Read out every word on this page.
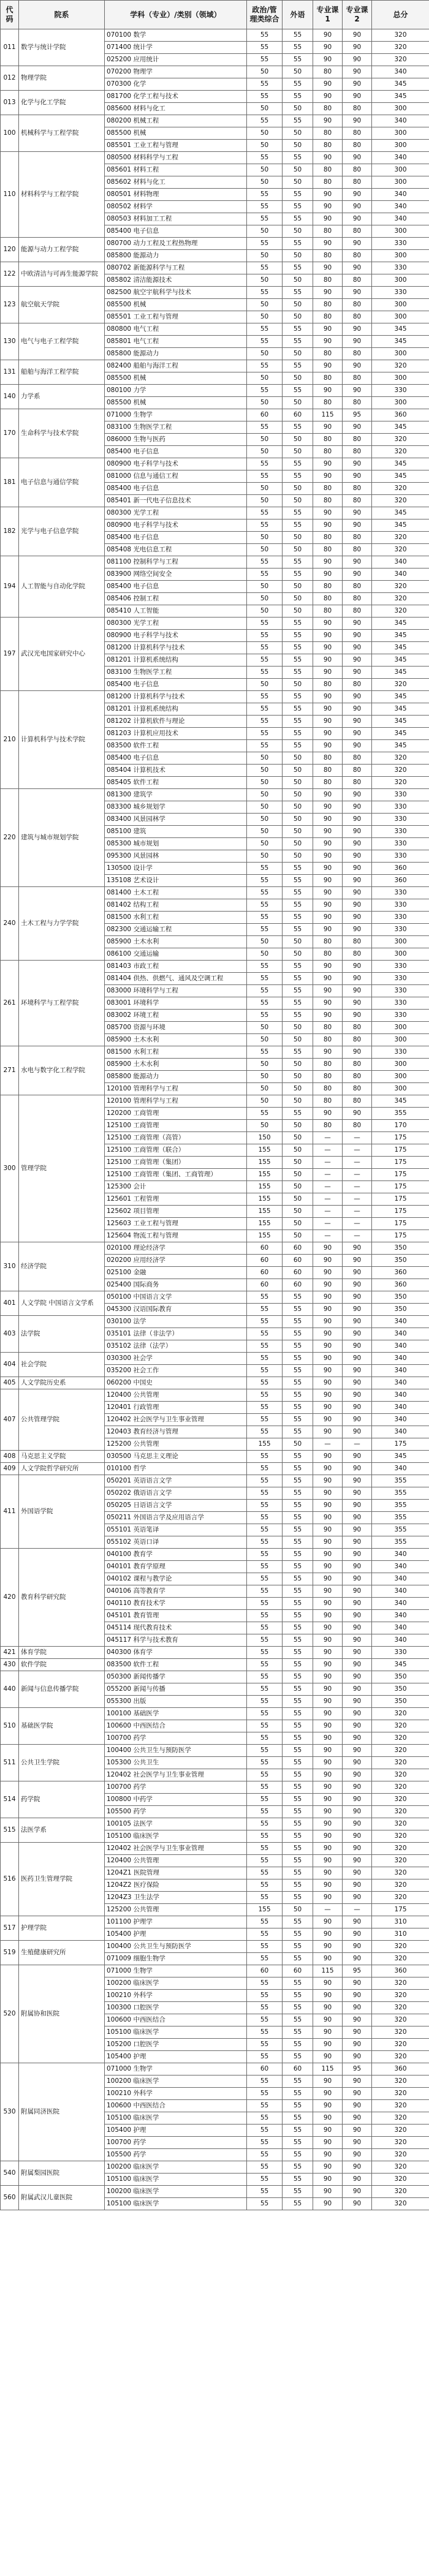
代码	院系	学科（专业）/类别（领域）	政治/管理类综合	外语	专业课1	专业课2	总分
011	数学与统计学院	070100 数学	55	55	90	90	320
		071400 统计学	55	55	90	90	320
		025200 应用统计	55	55	90	90	320
012	物理学院	070200 物理学	50	50	80	90	340
		070300 化学	55	55	90	90	345
013	化学与化工学院	081700 化学工程与技术	55	55	90	90	345
		085600 材料与化工	50	50	80	80	300
100	机械科学与工程学院	080200 机械工程	55	55	90	90	340
		085500 机械	50	50	80	80	300
		085501 工业工程与管理	50	50	80	80	300
110	材料科学与工程学院	080500 材料科学与工程	55	55	90	90	340
		085601 材料工程	50	50	80	80	300
		085602 材料与化工	50	50	80	80	300
		080501 材料物理	55	55	90	90	340
		080502 材料学	55	55	90	90	340
		080503 材料加工工程	55	55	90	90	340
		085400 电子信息	50	50	80	80	300
120	能源与动力工程学院	080700 动力工程及工程热物理	55	55	90	90	330
		085800 能源动力	50	50	80	80	300
122	中欧清洁与可再生能源学院	080702 新能源科学与工程	55	55	90	90	330
		085802 清洁能源技术	50	50	80	80	300
123	航空航天学院	082500 航空宇航科学与技术	55	55	90	90	330
		085500 机械	50	50	80	80	300
		085501 工业工程与管理	50	50	80	80	300
130	电气与电子工程学院	080800 电气工程	55	55	90	90	345
		085801 电气工程	55	55	90	90	345
		085800 能源动力	50	50	80	80	300
131	船舶与海洋工程学院	082400 船舶与海洋工程	55	55	90	90	320
		085500 机械	50	50	80	80	300
140	力学系	080100 力学	55	55	90	90	330
		085500 机械	50	50	80	80	300
170	生命科学与技术学院	071000 生物学	60	60	115	95	360
		083100 生物医学工程	55	55	90	90	345
		086000 生物与医药	50	50	80	80	320
		085400 电子信息	50	50	80	80	320
181	电子信息与通信学院	080900 电子科学与技术	55	55	90	90	345
		081000 信息与通信工程	55	55	90	90	345
		085400 电子信息	50	50	80	80	320
		085401 新一代电子信息技术	50	50	80	80	320
182	光学与电子信息学院	080300 光学工程	55	55	90	90	345
		080900 电子科学与技术	55	55	90	90	345
		085400 电子信息	50	50	80	80	320
		085408 光电信息工程	50	50	80	80	320
194	人工智能与自动化学院	081100 控制科学与工程	55	55	90	90	340
		083900 网络空间安全	55	55	90	90	340
		085400 电子信息	50	50	80	80	320
		085406 控制工程	50	50	80	80	320
		085410 人工智能	50	50	80	80	320
197	武汉光电国家研究中心	080300 光学工程	55	55	90	90	345
		080900 电子科学与技术	55	55	90	90	345
		081200 计算机科学与技术	55	55	90	90	345
		081201 计算机系统结构	55	55	90	90	345
		083100 生物医学工程	55	55	90	90	345
		085400 电子信息	50	50	80	80	320
210	计算机科学与技术学院	081200 计算机科学与技术	55	55	90	90	345
		081201 计算机系统结构	55	55	90	90	345
		081202 计算机软件与理论	55	55	90	90	345
		081203 计算机应用技术	55	55	90	90	345
		083500 软件工程	55	55	90	90	345
		085400 电子信息	50	50	80	80	320
		085404 计算机技术	50	50	80	80	320
		085405 软件工程	50	50	80	80	320
220	建筑与城市规划学院	081300 建筑学	50	50	90	90	330
		083300 城乡规划学	50	50	90	90	330
		083400 风景园林学	50	50	90	90	330
		085100 建筑	50	50	90	90	330
		085300 城市规划	50	50	90	90	330
		095300 风景园林	50	50	90	90	330
		130500 设计学	55	55	90	90	360
		135108 艺术设计	55	55	90	90	360
240	土木工程与力学学院	081400 土木工程	55	55	90	90	330
		081402 结构工程	55	55	90	90	330
		081500 水利工程	55	55	90	90	330
		082300 交通运输工程	55	55	90	90	330
		085900 土木水利	50	50	80	80	300
		086100 交通运输	50	50	80	80	300
261	环境科学与工程学院	081403 市政工程	55	55	90	90	330
		081404 供热、供燃气、通风及空调工程	55	55	90	90	330
		083000 环境科学与工程	55	55	90	90	330
		083001 环境科学	55	55	90	90	330
		083002 环境工程	55	55	90	90	330
		085700 资源与环境	50	50	80	80	300
		085900 土木水利	50	50	80	80	300
271	水电与数字化工程学院	081500 水利工程	55	55	90	90	330
		085900 土木水利	50	50	80	80	300
		085800 能源动力	50	50	80	80	300
		120100 管理科学与工程	50	50	80	80	300
300	管理学院	120100 管理科学与工程	50	50	80	80	345
		120200 工商管理	55	55	90	90	355
		125100 工商管理	50	50	80	80	170
		125100 工商管理（高管）	150	50	—	—	175
		125100 工商管理（联合）	155	50	—	—	175
		125100 工商管理（集团）	155	50	—	—	175
		125100 工商管理（集团、工商管理）	155	50	—	—	175
		125300 会计	155	50	—	—	175
		125601 工程管理	155	50	—	—	175
		125602 项目管理	155	50	—	—	175
		125603 工业工程与管理	155	50	—	—	175
		125604 物流工程与管理	155	50	—	—	175
310	经济学院	020100 理论经济学	60	60	90	90	350
		020200 应用经济学	60	60	90	90	350
		025100 金融	60	60	90	90	360
		025400 国际商务	60	60	90	90	360
401	人文学院 中国语言文学系	050100 中国语言文学	55	55	90	90	350
		045300 汉语国际教育	55	55	90	90	350
403	法学院	030100 法学	55	55	90	90	340
		035101 法律（非法学）	55	55	90	90	340
		035102 法律（法学）	55	55	90	90	340
404	社会学院	030300 社会学	55	55	90	90	340
		035200 社会工作	55	55	90	90	340
405	人文学院历史系	060200 中国史	55	55	90	90	340
407	公共管理学院	120400 公共管理	55	55	90	90	340
		120401 行政管理	55	55	90	90	340
		120402 社会医学与卫生事业管理	55	55	90	90	340
		120403 教育经济与管理	55	55	90	90	340
		125200 公共管理	155	50	—	—	175
408	马克思主义学院	030500 马克思主义理论	55	55	90	90	345
409	人文学院哲学研究所	010100 哲学	55	55	90	90	340
411	外国语学院	050201 英语语言文学	55	55	90	90	355
		050202 俄语语言文学	55	55	90	90	355
		050205 日语语言文学	55	55	90	90	355
		050211 外国语言学及应用语言学	55	55	90	90	355
		055101 英语笔译	55	55	90	90	355
		055102 英语口译	55	55	90	90	355
420	教育科学研究院	040100 教育学	55	55	90	90	340
		040101 教育学原理	55	55	90	90	340
		040102 课程与教学论	55	55	90	90	340
		040106 高等教育学	55	55	90	90	340
		040110 教育技术学	55	55	90	90	340
		045101 教育管理	55	55	90	90	340
		045114 现代教育技术	55	55	90	90	340
		045117 科学与技术教育	55	55	90	90	340
421	体育学院	040300 体育学	55	55	90	90	330
430	软件学院	083500 软件工程	55	55	90	90	345
440	新闻与信息传播学院	050300 新闻传播学	55	55	90	90	350
		055200 新闻与传播	55	55	90	90	350
		055300 出版	55	55	90	90	350
510	基础医学院	100100 基础医学	55	55	90	90	320
		100600 中西医结合	55	55	90	90	320
		100700 药学	55	55	90	90	320
511	公共卫生学院	100400 公共卫生与预防医学	55	55	90	90	320
		105300 公共卫生	55	55	90	90	320
		120402 社会医学与卫生事业管理	55	55	90	90	320
514	药学院	100700 药学	55	55	90	90	320
		100800 中药学	55	55	90	90	320
		105500 药学	55	55	90	90	320
515	法医学系	100105 法医学	55	55	90	90	320
		105100 临床医学	55	55	90	90	320
516	医药卫生管理学院	120402 社会医学与卫生事业管理	55	55	90	90	320
		120400 公共管理	55	55	90	90	320
		1204Z1 医院管理	55	55	90	90	320
		1204Z2 医疗保险	55	55	90	90	320
		1204Z3 卫生法学	55	55	90	90	320
		125200 公共管理	155	50	—	—	175
517	护理学院	101100 护理学	55	55	90	90	310
		105400 护理	55	55	90	90	310
519	生殖健康研究所	100400 公共卫生与预防医学	55	55	90	90	320
		071009 细胞生物学	55	55	90	90	320
520	附属协和医院	071000 生物学	60	60	115	95	360
		100200 临床医学	55	55	90	90	320
		100210 外科学	55	55	90	90	320
		100300 口腔医学	55	55	90	90	320
		100600 中西医结合	55	55	90	90	320
		105100 临床医学	55	55	90	90	320
		105200 口腔医学	55	55	90	90	320
		105400 护理	55	55	90	90	320
530	附属同济医院	071000 生物学	60	60	115	95	360
		100200 临床医学	55	55	90	90	320
		100210 外科学	55	55	90	90	320
		100600 中西医结合	55	55	90	90	320
		105100 临床医学	55	55	90	90	320
		105400 护理	55	55	90	90	320
		100700 药学	55	55	90	90	320
		105500 药学	55	55	90	90	320
540	附属梨园医院	100200 临床医学	55	55	90	90	320
		105100 临床医学	55	55	90	90	320
560	附属武汉儿童医院	100200 临床医学	55	55	90	90	320
		105100 临床医学	55	55	90	90	320
